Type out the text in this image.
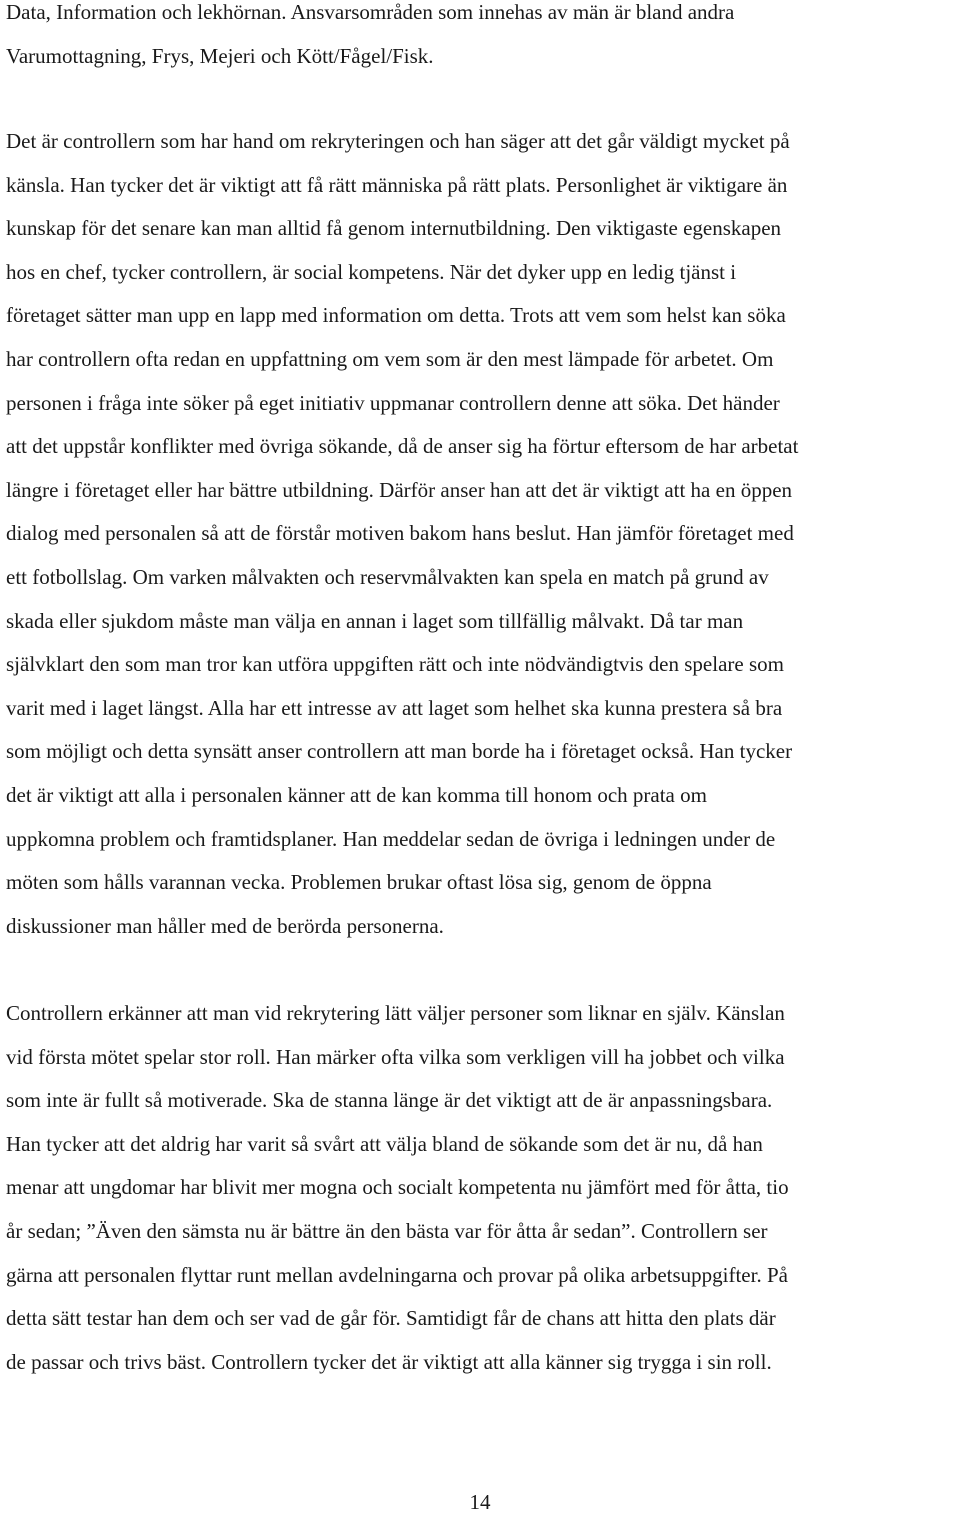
Data, Information och lekhörnan. Ansvarsområden som innehas av män är bland andra
Varumottagning, Frys, Mejeri och Kött/Fågel/Fisk.

Det är controllern som har hand om rekryteringen och han säger att det går väldigt mycket på
känsla. Han tycker det är viktigt att få rätt människa på rätt plats. Personlighet är viktigare än
kunskap för det senare kan man alltid få genom internutbildning. Den viktigaste egenskapen
hos en chef, tycker controllern, är social kompetens. När det dyker upp en ledig tjänst i
företaget sätter man upp en lapp med information om detta. Trots att vem som helst kan söka
har controllern ofta redan en uppfattning om vem som är den mest lämpade för arbetet. Om
personen i fråga inte söker på eget initiativ uppmanar controllern denne att söka. Det händer
att det uppstår konflikter med övriga sökande, då de anser sig ha förtur eftersom de har arbetat
längre i företaget eller har bättre utbildning. Därför anser han att det är viktigt att ha en öppen
dialog med personalen så att de förstår motiven bakom hans beslut. Han jämför företaget med
ett fotbollslag. Om varken målvakten och reservmålvakten kan spela en match på grund av
skada eller sjukdom måste man välja en annan i laget som tillfällig målvakt. Då tar man
självklart den som man tror kan utföra uppgiften rätt och inte nödvändigtvis den spelare som
varit med i laget längst. Alla har ett intresse av att laget som helhet ska kunna prestera så bra
som möjligt och detta synsätt anser controllern att man borde ha i företaget också. Han tycker
det är viktigt att alla i personalen känner att de kan komma till honom och prata om
uppkomna problem och framtidsplaner. Han meddelar sedan de övriga i ledningen under de
möten som hålls varannan vecka. Problemen brukar oftast lösa sig, genom de öppna
diskussioner man håller med de berörda personerna.

Controllern erkänner att man vid rekrytering lätt väljer personer som liknar en själv. Känslan
vid första mötet spelar stor roll. Han märker ofta vilka som verkligen vill ha jobbet och vilka
som inte är fullt så motiverade. Ska de stanna länge är det viktigt att de är anpassningsbara.
Han tycker att det aldrig har varit så svårt att välja bland de sökande som det är nu, då han
menar att ungdomar har blivit mer mogna och socialt kompetenta nu jämfört med för åtta, tio
år sedan; ”Även den sämsta nu är bättre än den bästa var för åtta år sedan”. Controllern ser
gärna att personalen flyttar runt mellan avdelningarna och provar på olika arbetsuppgifter. På
detta sätt testar han dem och ser vad de går för. Samtidigt får de chans att hitta den plats där
de passar och trivs bäst. Controllern tycker det är viktigt att alla känner sig trygga i sin roll.

14
